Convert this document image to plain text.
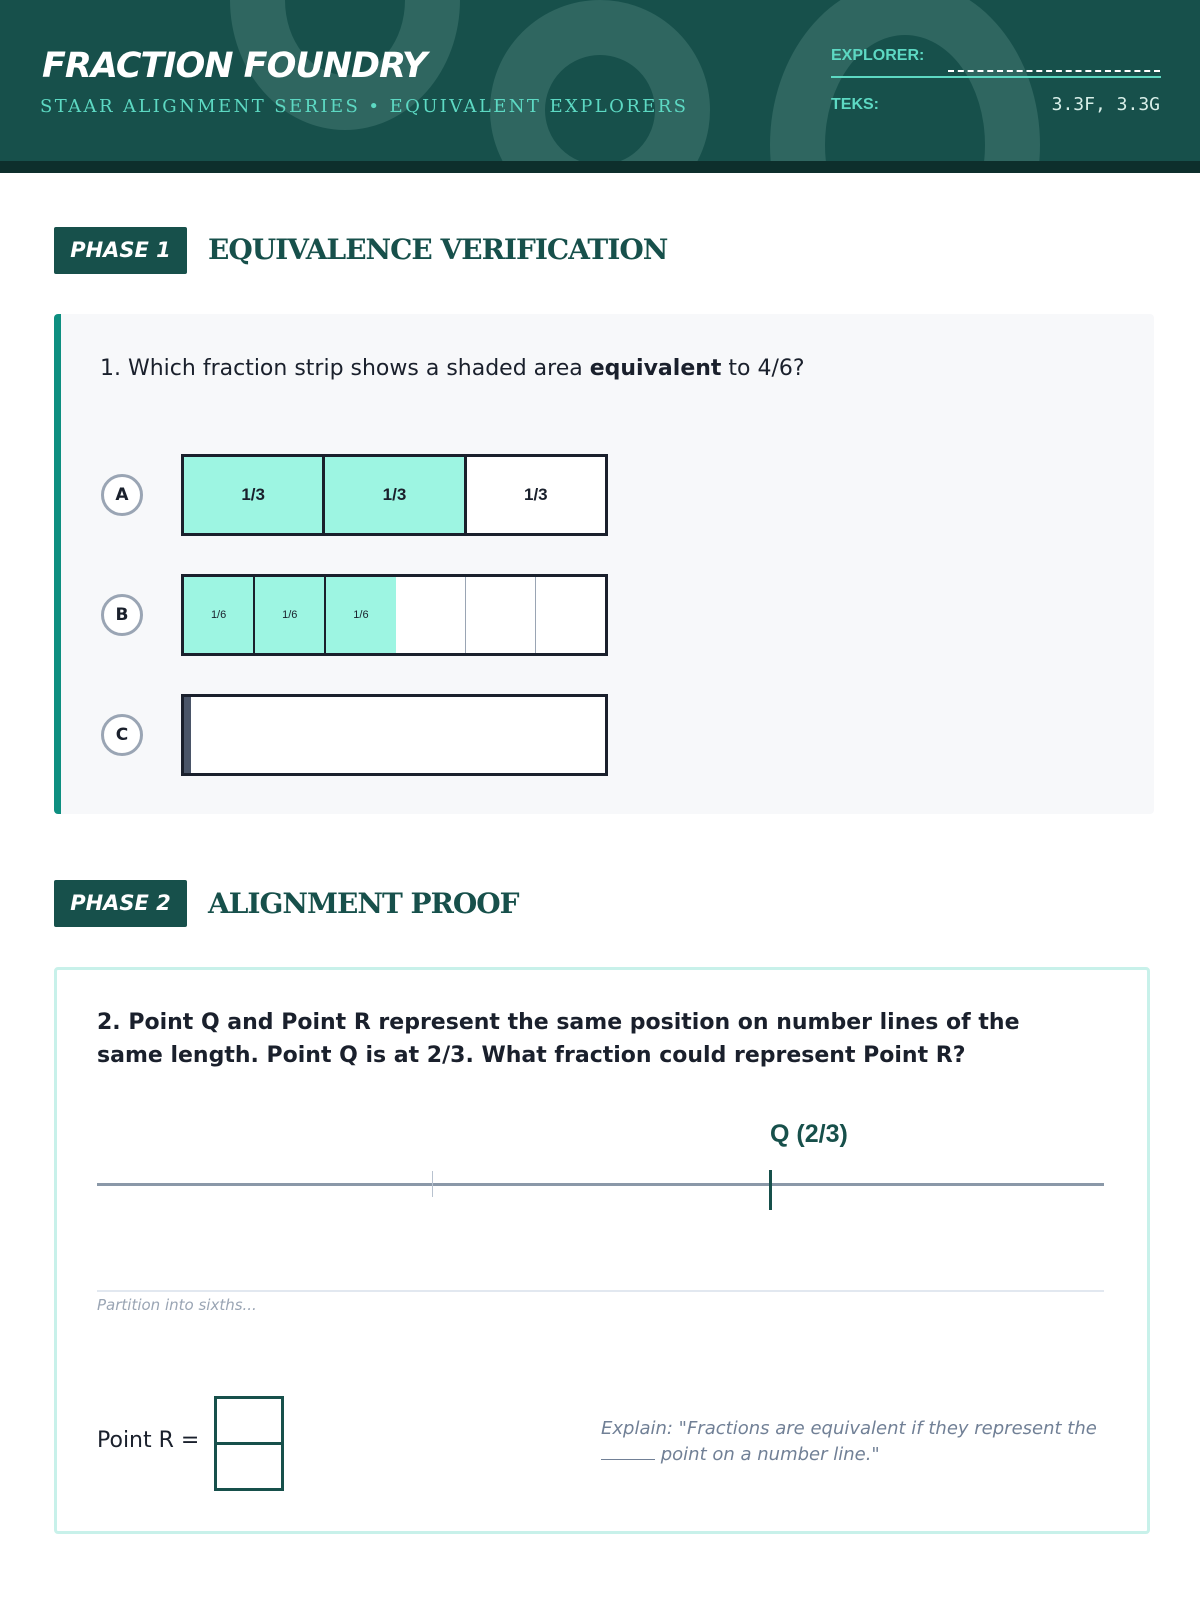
FRACTION FOUNDRY
STAAR ALIGNMENT SERIES • EQUIVALENT EXPLORERS
EXPLORER:
TEKS:	3.3F, 3.3G
PHASE 1	EQUIVALENCE VERIFICATION
1. Which fraction strip shows a shaded area equivalent to 4/6?
A	1/3	1/3	1/3
B	1/6	1/6	1/6
C
PHASE 2	ALIGNMENT PROOF
2. Point Q and Point R represent the same position on number lines of the same length. Point Q is at 2/3. What fraction could represent Point R?
Q (2/3)
Partition into sixths...
Point R =	Explain: "Fractions are equivalent if they represent the  point on a number line."
